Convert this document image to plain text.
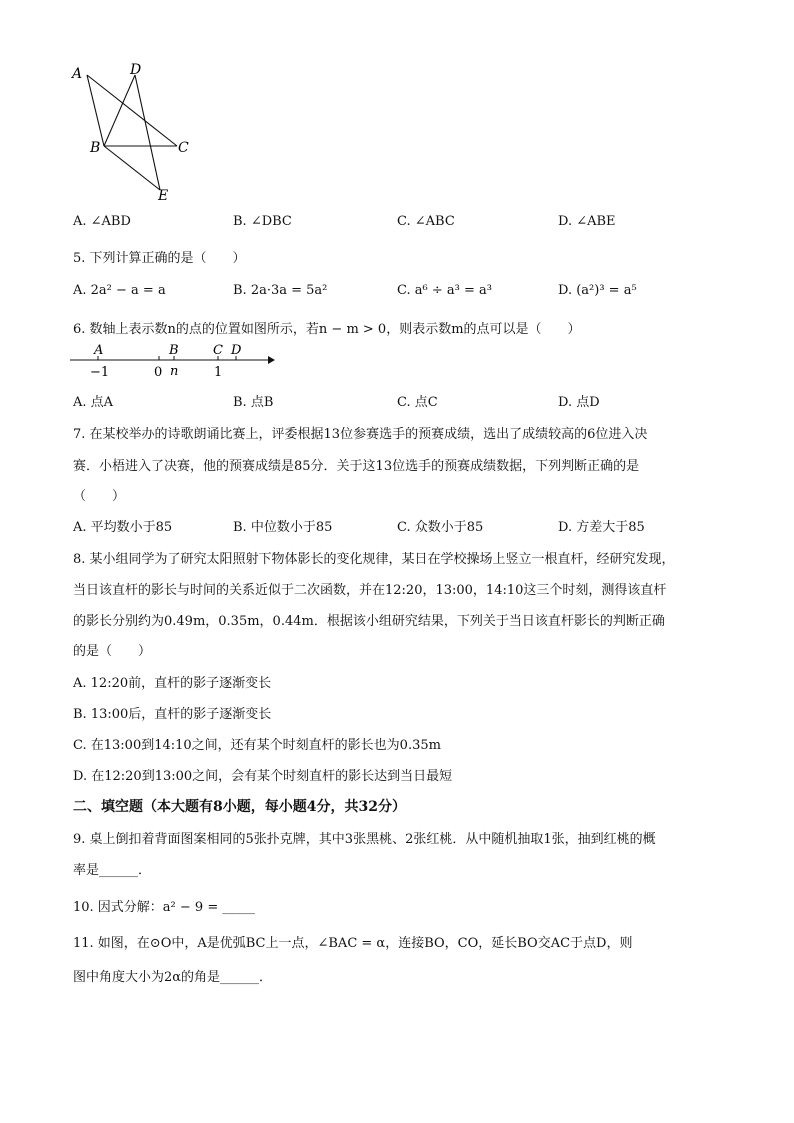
A	D
B	C
E
A. ∠ABD	B. ∠DBC	C. ∠ABC	D. ∠ABE
5. 下列计算正确的是（　　）
A. 2a² − a = a	B. 2a·3a = 5a²	C. a⁶ ÷ a³ = a³	D. (a²)³ = a⁵
6. 数轴上表示数n的点的位置如图所示，若n − m > 0，则表示数m的点可以是（　　）
A	B	C D
−1	0 n	1
A. 点A	B. 点B	C. 点C	D. 点D
7. 在某校举办的诗歌朗诵比赛上，评委根据13位参赛选手的预赛成绩，选出了成绩较高的6位进入决
赛．小梧进入了决赛，他的预赛成绩是85分．关于这13位选手的预赛成绩数据，下列判断正确的是
（　　）
A. 平均数小于85	B. 中位数小于85	C. 众数小于85	D. 方差大于85
8. 某小组同学为了研究太阳照射下物体影长的变化规律，某日在学校操场上竖立一根直杆，经研究发现，
当日该直杆的影长与时间的关系近似于二次函数，并在12:20，13:00，14:10这三个时刻，测得该直杆
的影长分别约为0.49m，0.35m，0.44m．根据该小组研究结果，下列关于当日该直杆影长的判断正确
的是（　　）
A. 12:20前，直杆的影子逐渐变长
B. 13:00后，直杆的影子逐渐变长
C. 在13:00到14:10之间，还有某个时刻直杆的影长也为0.35m
D. 在12:20到13:00之间，会有某个时刻直杆的影长达到当日最短
二、填空题（本大题有8小题，每小题4分，共32分）
9. 桌上倒扣着背面图案相同的5张扑克牌，其中3张黑桃、2张红桃．从中随机抽取1张，抽到红桃的概
率是______．
10. 因式分解：a² − 9 = _____
11. 如图，在⊙O中，A是优弧BC上一点，∠BAC = α，连接BO，CO，延长BO交AC于点D，则
图中角度大小为2α的角是______．
